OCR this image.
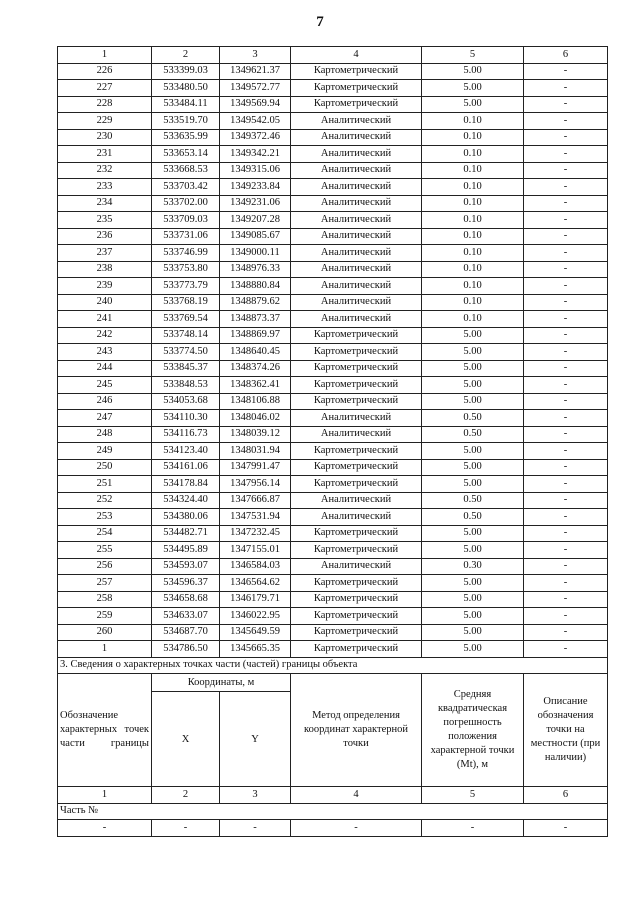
7
1	2	3	4	5	6
226	533399.03	1349621.37	Картометрический	5.00	-
227	533480.50	1349572.77	Картометрический	5.00	-
228	533484.11	1349569.94	Картометрический	5.00	-
229	533519.70	1349542.05	Аналитический	0.10	-
230	533635.99	1349372.46	Аналитический	0.10	-
231	533653.14	1349342.21	Аналитический	0.10	-
232	533668.53	1349315.06	Аналитический	0.10	-
233	533703.42	1349233.84	Аналитический	0.10	-
234	533702.00	1349231.06	Аналитический	0.10	-
235	533709.03	1349207.28	Аналитический	0.10	-
236	533731.06	1349085.67	Аналитический	0.10	-
237	533746.99	1349000.11	Аналитический	0.10	-
238	533753.80	1348976.33	Аналитический	0.10	-
239	533773.79	1348880.84	Аналитический	0.10	-
240	533768.19	1348879.62	Аналитический	0.10	-
241	533769.54	1348873.37	Аналитический	0.10	-
242	533748.14	1348869.97	Картометрический	5.00	-
243	533774.50	1348640.45	Картометрический	5.00	-
244	533845.37	1348374.26	Картометрический	5.00	-
245	533848.53	1348362.41	Картометрический	5.00	-
246	534053.68	1348106.88	Картометрический	5.00	-
247	534110.30	1348046.02	Аналитический	0.50	-
248	534116.73	1348039.12	Аналитический	0.50	-
249	534123.40	1348031.94	Картометрический	5.00	-
250	534161.06	1347991.47	Картометрический	5.00	-
251	534178.84	1347956.14	Картометрический	5.00	-
252	534324.40	1347666.87	Аналитический	0.50	-
253	534380.06	1347531.94	Аналитический	0.50	-
254	534482.71	1347232.45	Картометрический	5.00	-
255	534495.89	1347155.01	Картометрический	5.00	-
256	534593.07	1346584.03	Аналитический	0.30	-
257	534596.37	1346564.62	Картометрический	5.00	-
258	534658.68	1346179.71	Картометрический	5.00	-
259	534633.07	1346022.95	Картометрический	5.00	-
260	534687.70	1345649.59	Картометрический	5.00	-
1	534786.50	1345665.35	Картометрический	5.00	-
3. Сведения о характерных точках части (частей) границы объекта					
Обозначение характерных точек части границы	Координаты, м		Метод определения координат характерной точки	Средняя квадратическая погрешность положения характерной точки (Mt), м	Описание обозначения точки на местности (при наличии)
	X	Y			
1	2	3	4	5	6
Часть №					
-	-	-	-	-	-
